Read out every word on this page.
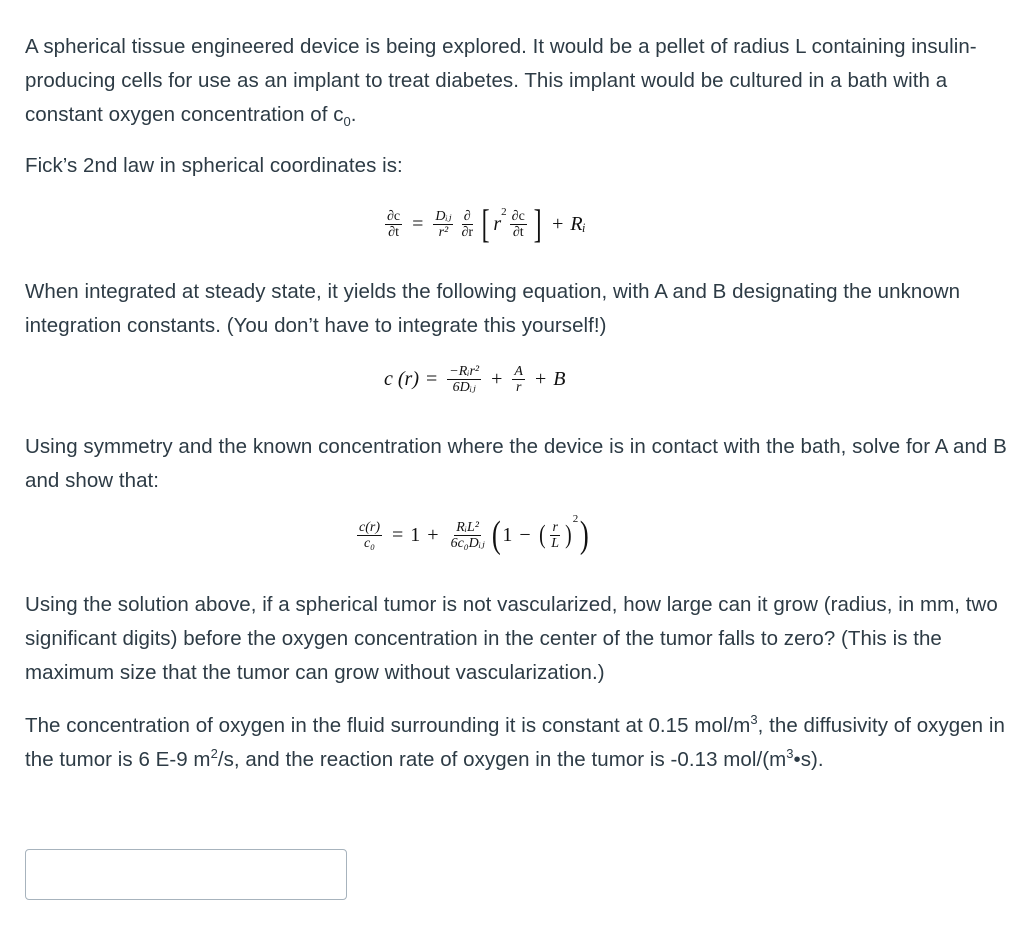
A spherical tissue engineered device is being explored. It would be a pellet of radius L containing insulin-producing cells for use as an implant to treat diabetes. This implant would be cultured in a bath with a constant oxygen concentration of $c_0$.

Fick’s 2nd law in spherical coordinates is:

$\frac{\partial c}{\partial t} = \frac{\text{Dᵢⱼ}}{\text{r²}} \frac{\partial}{\partial r}$ [ r
$2 \frac{\partial c}{\partial t}$ ] + Rᵢ

When integrated at steady state, it yields the following equation, with A and B designating the unknown integration constants. (You don’t have to integrate this yourself!)

c $(r) = \frac{\text{−Rᵢr²}}{\text{6Dᵢⱼ}} + \frac{A}{r} + B$

Using symmetry and the known concentration where the device is in contact with the bath, solve for A and B and show that:

$\frac{c(r)}{\text{c₀}} = 1 + \frac{\text{RᵢL²}}{\text{6c₀Dᵢⱼ}}$ ( 1 − ( $\frac{r}{L}$ )
2 )

Using the solution above, if a spherical tumor is not vascularized, how large can it grow (radius, in mm, two significant digits) before the oxygen concentration in the center of the tumor falls to zero? (This is the maximum size that the tumor can grow without vascularization.)

The concentration of oxygen in the fluid surrounding it is constant at 0.15 mol/$m^3$, the diffusivity of oxygen in the tumor is 6 E-9 $m^2/s$, and the reaction rate of oxygen in the tumor is -0.13 mol/$(m^3•s)$.
